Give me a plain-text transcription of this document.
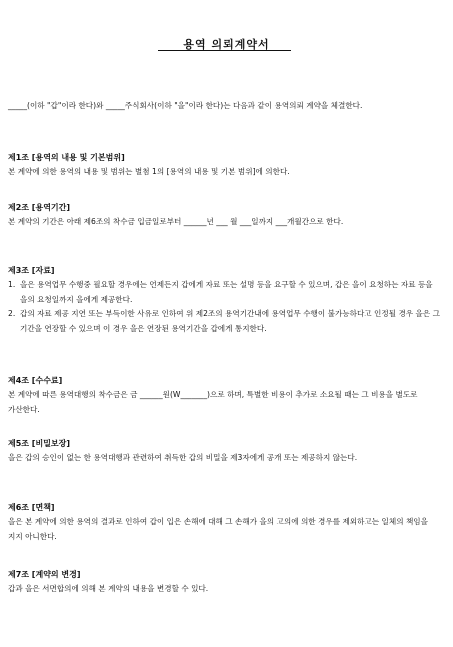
용역 의뢰계약서
_____(이하 "갑"이라 한다)와 _____주식회사(이하 "을"이라 한다)는 다음과 같이 용역의뢰 계약을 체결한다.
제1조 [용역의 내용 및 기본범위]
본 계약에 의한 용역의 내용 및 범위는 별첨 1의 [용역의 내용 및 기본 범위]에 의한다.
제2조 [용역기간]
본 계약의 기간은 아래 제6조의 착수금 입금일로부터 ______년 ___ 월 ___일까지 ___개월간으로 한다.
제3조 [자료]
1. 을은 용역업무 수행중 필요할 경우에는 언제든지 갑에게 자료 또는 설명 등을 요구할 수 있으며, 갑은 을이 요청하는 자료 등을 을의 요청일까지 을에게 제공한다.
2. 갑의 자료 제공 지연 또는 부득이한 사유로 인하여 위 제2조의 용역기간내에 용역업무 수행이 불가능하다고 인정될 경우 을은 그 기간을 연장할 수 있으며 이 경우 을은 연장된 용역기간을 갑에게 통지한다.
제4조 [수수료]
본 계약에 따른 용역대행의 착수금은 금 ______원(W_______)으로 하며, 특별한 비용이 추가로 소요될 때는 그 비용을 별도로 가산한다.
제5조 [비밀보장]
을은 갑의 승인이 없는 한 용역대행과 관련하여 취득한 갑의 비밀을 제3자에게 공개 또는 제공하지 않는다.
제6조 [면책]
을은 본 계약에 의한 용역의 결과로 인하여 갑이 입은 손해에 대해 그 손해가 을의 고의에 의한 경우를 제외하고는 일체의 책임을 지지 아니한다.
제7조 [계약의 변경]
갑과 을은 서면합의에 의해 본 계약의 내용을 변경할 수 있다.
